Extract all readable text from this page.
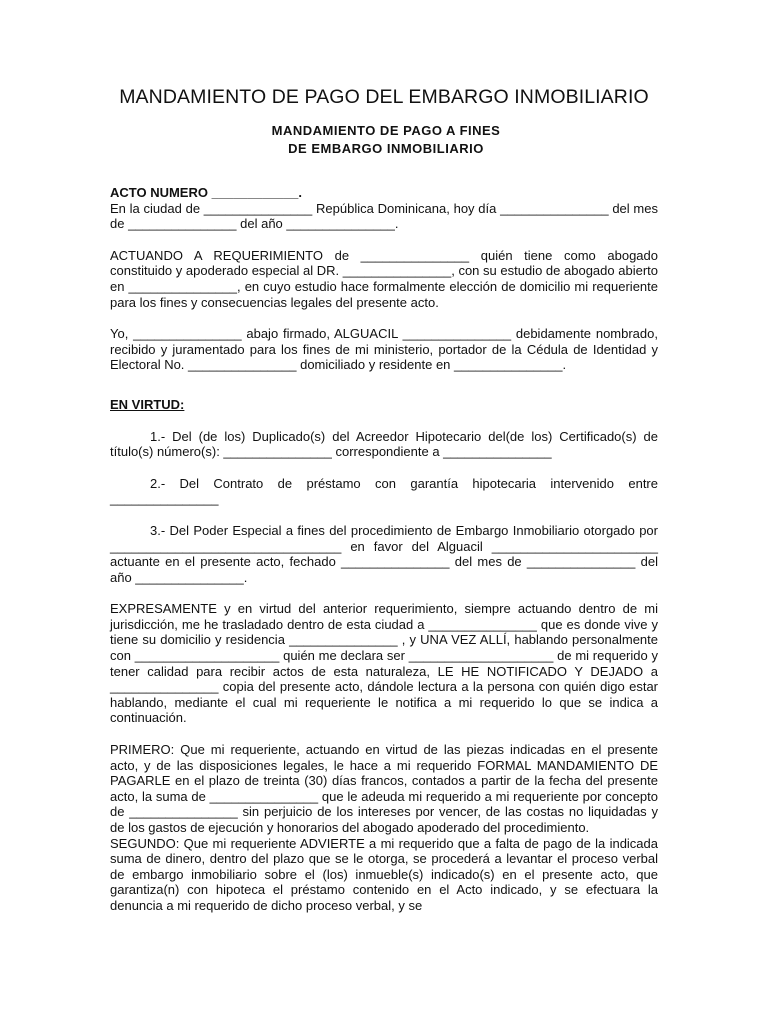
MANDAMIENTO DE PAGO DEL EMBARGO INMOBILIARIO
MANDAMIENTO DE PAGO A FINES
DE EMBARGO INMOBILIARIO

ACTO NUMERO ____________.

En la ciudad de _______________ República Dominicana, hoy día _______________ del mes de _______________ del año _______________.

ACTUANDO A REQUERIMIENTO de _______________ quién tiene como abogado constituido y apoderado especial al DR. _______________, con su estudio de abogado abierto en _______________, en cuyo estudio hace formalmente elección de domicilio mi requeriente para los fines y consecuencias legales del presente acto.

Yo, _______________ abajo firmado, ALGUACIL _______________ debidamente nombrado, recibido y juramentado para los fines de mi ministerio, portador de la Cédula de Identidad y Electoral No. _______________ domiciliado y residente en _______________.

EN VIRTUD:

1.- Del (de los) Duplicado(s) del Acreedor Hipotecario del(de los) Certificado(s) de título(s) número(s): _______________ correspondiente a _______________

2.- Del Contrato de préstamo con garantía hipotecaria intervenido entre _______________

3.- Del Poder Especial a fines del procedimiento de Embargo Inmobiliario otorgado por ________________________________ en favor del Alguacil _______________________ actuante en el presente acto, fechado _______________ del mes de _______________ del año _______________.

EXPRESAMENTE y en virtud del anterior requerimiento, siempre actuando dentro de mi jurisdicción, me he trasladado dentro de esta ciudad a _______________ que es donde vive y tiene su domicilio y residencia _______________ , y UNA VEZ ALLÍ, hablando personalmente con ____________________ quién me declara ser ____________________ de mi requerido y tener calidad para recibir actos de esta naturaleza, LE HE NOTIFICADO Y DEJADO a _______________ copia del presente acto, dándole lectura a la persona con quién digo estar hablando, mediante el cual mi requeriente le notifica a mi requerido lo que se indica a continuación.

PRIMERO: Que mi requeriente, actuando en virtud de las piezas indicadas en el presente acto, y de las disposiciones legales, le hace a mi requerido FORMAL MANDAMIENTO DE PAGARLE en el plazo de treinta (30) días francos, contados a partir de la fecha del presente acto, la suma de _______________ que le adeuda mi requerido a mi requeriente por concepto de _______________ sin perjuicio de los intereses por vencer, de las costas no liquidadas y de los gastos de ejecución y honorarios del abogado apoderado del procedimiento.

SEGUNDO: Que mi requeriente ADVIERTE a mi requerido que a falta de pago de la indicada suma de dinero, dentro del plazo que se le otorga, se procederá a levantar el proceso verbal de embargo inmobiliario sobre el (los) inmueble(s) indicado(s) en el presente acto, que garantiza(n) con hipoteca el préstamo contenido en el Acto indicado, y se efectuara la denuncia a mi requerido de dicho proceso verbal, y se
